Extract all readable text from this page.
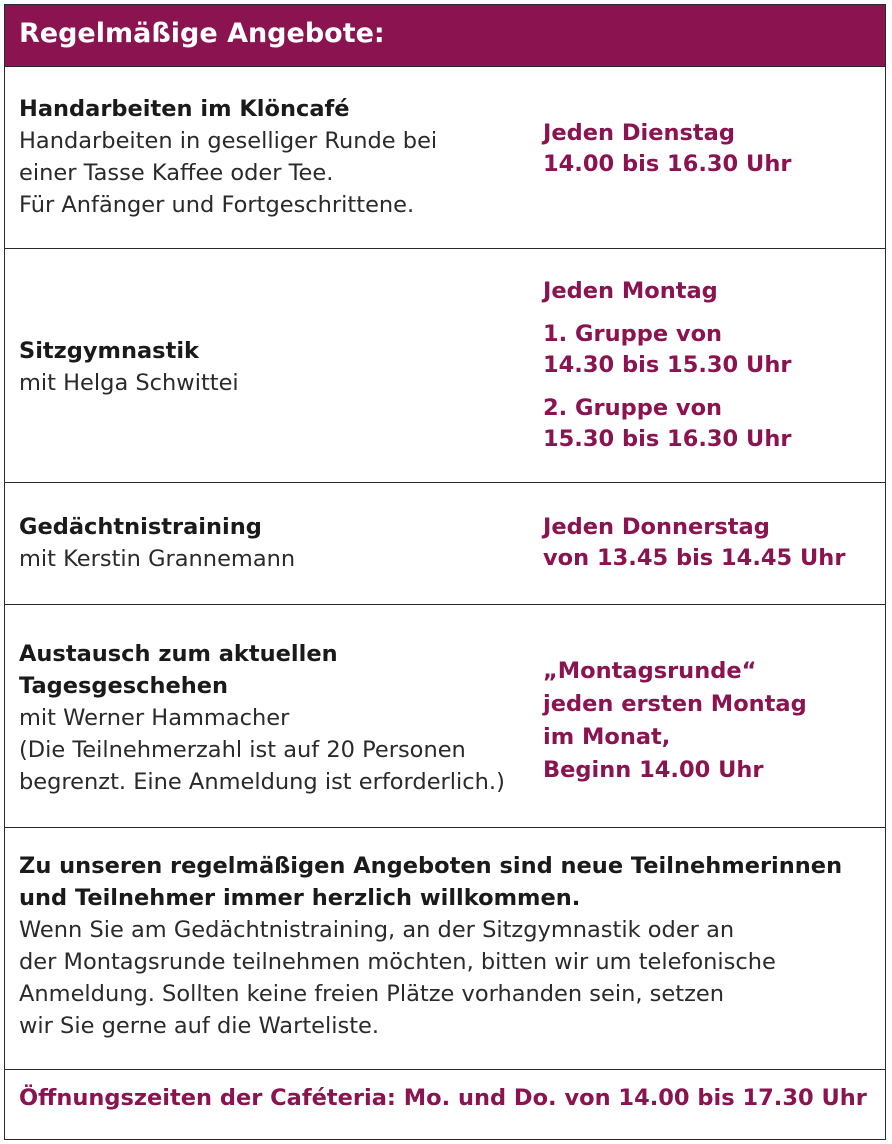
Regelmäßige Angebote:
Handarbeiten im Klöncafé
Handarbeiten in geselliger Runde bei
einer Tasse Kaffee oder Tee.
Für Anfänger und Fortgeschrittene.
Jeden Dienstag
14.00 bis 16.30 Uhr
Sitzgymnastik
mit Helga Schwittei
Jeden Montag
1. Gruppe von
14.30 bis 15.30 Uhr
2. Gruppe von
15.30 bis 16.30 Uhr
Gedächtnistraining
mit Kerstin Grannemann
Jeden Donnerstag
von 13.45 bis 14.45 Uhr
Austausch zum aktuellen
Tagesgeschehen
mit Werner Hammacher
(Die Teilnehmerzahl ist auf 20 Personen
begrenzt. Eine Anmeldung ist erforderlich.)
„Montagsrunde“
jeden ersten Montag
im Monat,
Beginn 14.00 Uhr
Zu unseren regelmäßigen Angeboten sind neue Teilnehmerinnen
und Teilnehmer immer herzlich willkommen.
Wenn Sie am Gedächtnistraining, an der Sitzgymnastik oder an
der Montagsrunde teilnehmen möchten, bitten wir um telefonische
Anmeldung. Sollten keine freien Plätze vorhanden sein, setzen
wir Sie gerne auf die Warteliste.
Öffnungszeiten der Caféteria: Mo. und Do. von 14.00 bis 17.30 Uhr
